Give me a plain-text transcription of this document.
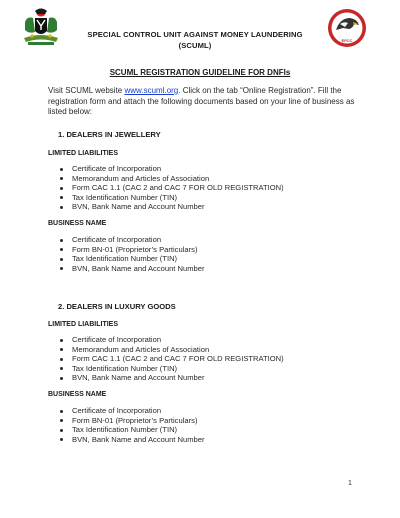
EFCC
SPECIAL CONTROL UNIT AGAINST MONEY LAUNDERING
(SCUML)
SCUML REGISTRATION GUIDELINE FOR DNFIs
Visit SCUML website www.scuml.org. Click on the tab “Online Registration”. Fill the registration form and attach the following documents based on your line of business as listed below:
1. DEALERS IN JEWELLERY
LIMITED LIABILITIES
Certificate of Incorporation
Memorandum and Articles of Association
Form CAC 1.1 (CAC 2 and CAC 7 FOR OLD REGISTRATION)
Tax Identification Number (TIN)
BVN, Bank Name and Account Number
BUSINESS NAME
Certificate of Incorporation
Form BN-01 (Proprietor’s Particulars)
Tax Identification Number (TIN)
BVN, Bank Name and Account Number
2. DEALERS IN LUXURY GOODS
LIMITED LIABILITIES
Certificate of Incorporation
Memorandum and Articles of Association
Form CAC 1.1 (CAC 2 and CAC 7 FOR OLD REGISTRATION)
Tax Identification Number (TIN)
BVN, Bank Name and Account Number
BUSINESS NAME
Certificate of Incorporation
Form BN-01 (Proprietor’s Particulars)
Tax Identification Number (TIN)
BVN, Bank Name and Account Number
1
